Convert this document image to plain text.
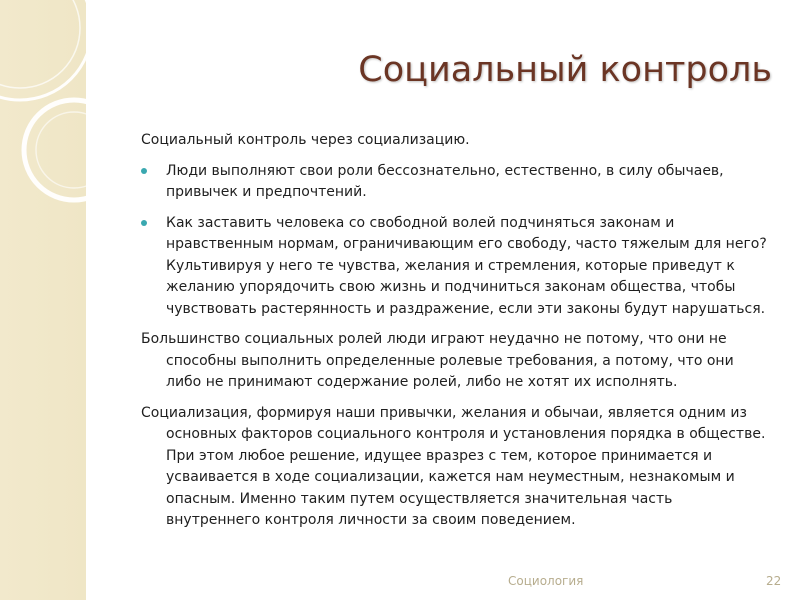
Социальный контроль

Социальный контроль через социализацию.

Люди выполняют свои роли бессознательно, естественно, в силу обычаев, привычек и предпочтений.
Как заставить человека со свободной волей подчиняться законам и нравственным нормам, ограничивающим его свободу, часто тяжелым для него? Культивируя у него те чувства, желания и стремления, которые приведут к желанию упорядочить свою жизнь и подчиниться законам общества, чтобы чувствовать растерянность и раздражение, если эти законы будут нарушаться.

Большинство социальных ролей люди играют неудачно не потому, что они не способны выполнить определенные ролевые требования, а потому, что они либо не принимают содержание ролей, либо не хотят их исполнять.

Социализация, формируя наши привычки, желания и обычаи, является одним из основных факторов социального контроля и установления порядка в обществе. При этом любое решение, идущее вразрез с тем, которое принимается и усваивается в ходе социализации, кажется нам неуместным, незнакомым и опасным. Именно таким путем осуществляется значительная часть внутреннего контроля личности за своим поведением.

Социология	22
